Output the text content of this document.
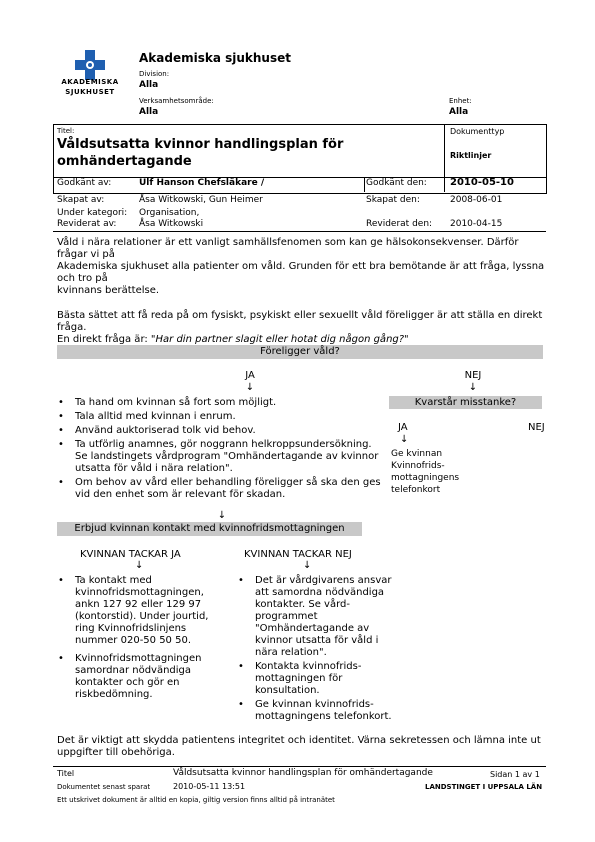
AKADEMISKA
SJUKHUSET
Akademiska sjukhuset
Division:
Alla
Verksamhetsområde:
Alla
Enhet:
Alla
Titel:
Våldsutsatta kvinnor handlingsplan för
omhändertagande
Dokumenttyp
Riktlinjer
Godkänt av:	Ulf Hanson Chefsläkare /	Godkänt den: 2010-05-10
Skapat av:	Åsa Witkowski, Gun Heimer	Skapat den:	2008-06-01
Under kategori: Organisation,
Reviderat av:	Åsa Witkowski	Reviderat den: 2010-04-15
Våld i nära relationer är ett vanligt samhällsfenomen som kan ge hälsokonsekvenser. Därför
frågar vi på
Akademiska sjukhuset alla patienter om våld. Grunden för ett bra bemötande är att fråga, lyssna
och tro på
kvinnans berättelse.
Bästa sättet att få reda på om fysiskt, psykiskt eller sexuellt våld föreligger är att ställa en direkt
fråga.
En direkt fråga är: "Har din partner slagit eller hotat dig någon gång?"
Föreligger våld?
JA
↓
NEJ
↓
• Ta hand om kvinnan så fort som möjligt.
• Tala alltid med kvinnan i enrum.
• Använd auktoriserad tolk vid behov.
• Ta utförlig anamnes, gör noggrann helkroppsundersökning. Se landstingets vårdprogram "Omhändertagande av kvinnor utsatta för våld i nära relation".
• Om behov av vård eller behandling föreligger så ska den ges vid den enhet som är relevant för skadan.
Kvarstår misstanke?
JA
↓
NEJ
Ge kvinnan
Kvinnofrids-
mottagningens
telefonkort
↓
Erbjud kvinnan kontakt med kvinnofridsmottagningen
KVINNAN TACKAR JA
↓
KVINNAN TACKAR NEJ
↓
• Ta kontakt med kvinnofridsmottagningen, ankn 127 92 eller 129 97 (kontorstid). Under jourtid, ring Kvinnofridslinjens nummer 020-50 50 50.
• Kvinnofridsmottagningen samordnar nödvändiga kontakter och gör en riskbedömning.
• Det är vårdgivarens ansvar att samordna nödvändiga kontakter. Se vård-programmet "Omhändertagande av kvinnor utsatta för våld i nära relation".
• Kontakta kvinnofrids-mottagningen för konsultation.
• Ge kvinnan kvinnofrids-mottagningens telefonkort.
Det är viktigt att skydda patientens integritet och identitet. Värna sekretessen och lämna inte ut
uppgifter till obehöriga.
Titel	Våldsutsatta kvinnor handlingsplan för omhändertagande	Sidan 1 av 1
Dokumentet senast sparat	2010-05-11 13:51	LANDSTINGET I UPPSALA LÄN
Ett utskrivet dokument är alltid en kopia, giltig version finns alltid på intranätet
